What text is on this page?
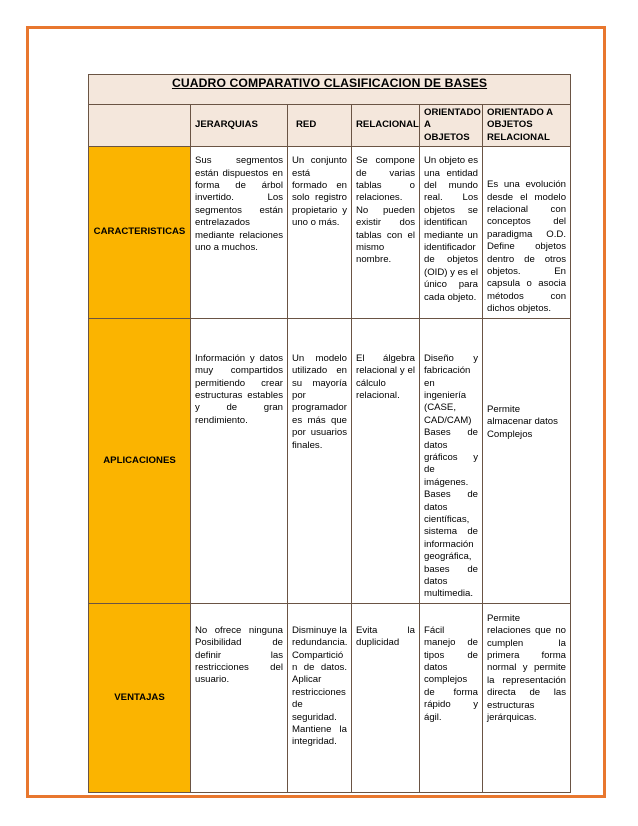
CUADRO COMPARATIVO CLASIFICACION DE BASES					
	JERARQUIAS	RED	RELACIONAL	ORIENTADO A OBJETOS	ORIENTADO A OBJETOS RELACIONAL
CARACTERISTICAS	Sus segmentos están dispuestos en forma de árbol invertido. Los segmentos están entrelazados mediante relaciones uno a muchos.	Un conjunto está formado en solo registro propietario y uno o más.	Se compone de varias tablas o relaciones. No pueden existir dos tablas con el mismo nombre.	Un objeto es una entidad del mundo real. Los objetos se identifican mediante un identificador de objetos (OID) y es el único para cada objeto.	Es una evolución desde el modelo relacional con conceptos del paradigma O.D. Define objetos dentro de otros objetos. En capsula o asocia métodos con dichos objetos.
APLICACIONES	Información y datos muy compartidos permitiendo crear estructuras estables y de gran rendimiento.	Un modelo utilizado en su mayoría por programador es más que por usuarios finales.	El álgebra relacional y el cálculo relacional.	Diseño y fabricación en ingeniería (CASE, CAD/CAM) Bases de datos gráficos y de imágenes. Bases de datos científicas, sistema de información geográfica, bases de datos multimedia.	Permite almacenar datos Complejos
VENTAJAS	No ofrece ninguna Posibilidad de definir las restricciones del usuario.	Disminuye la redundancia. Compartició n de datos. Aplicar restricciones de seguridad. Mantiene la integridad.	Evita la duplicidad	Fácil manejo de tipos de datos complejos de forma rápido y ágil.	Permite relaciones que no cumplen la primera forma normal y permite la representación directa de las estructuras jerárquicas.
